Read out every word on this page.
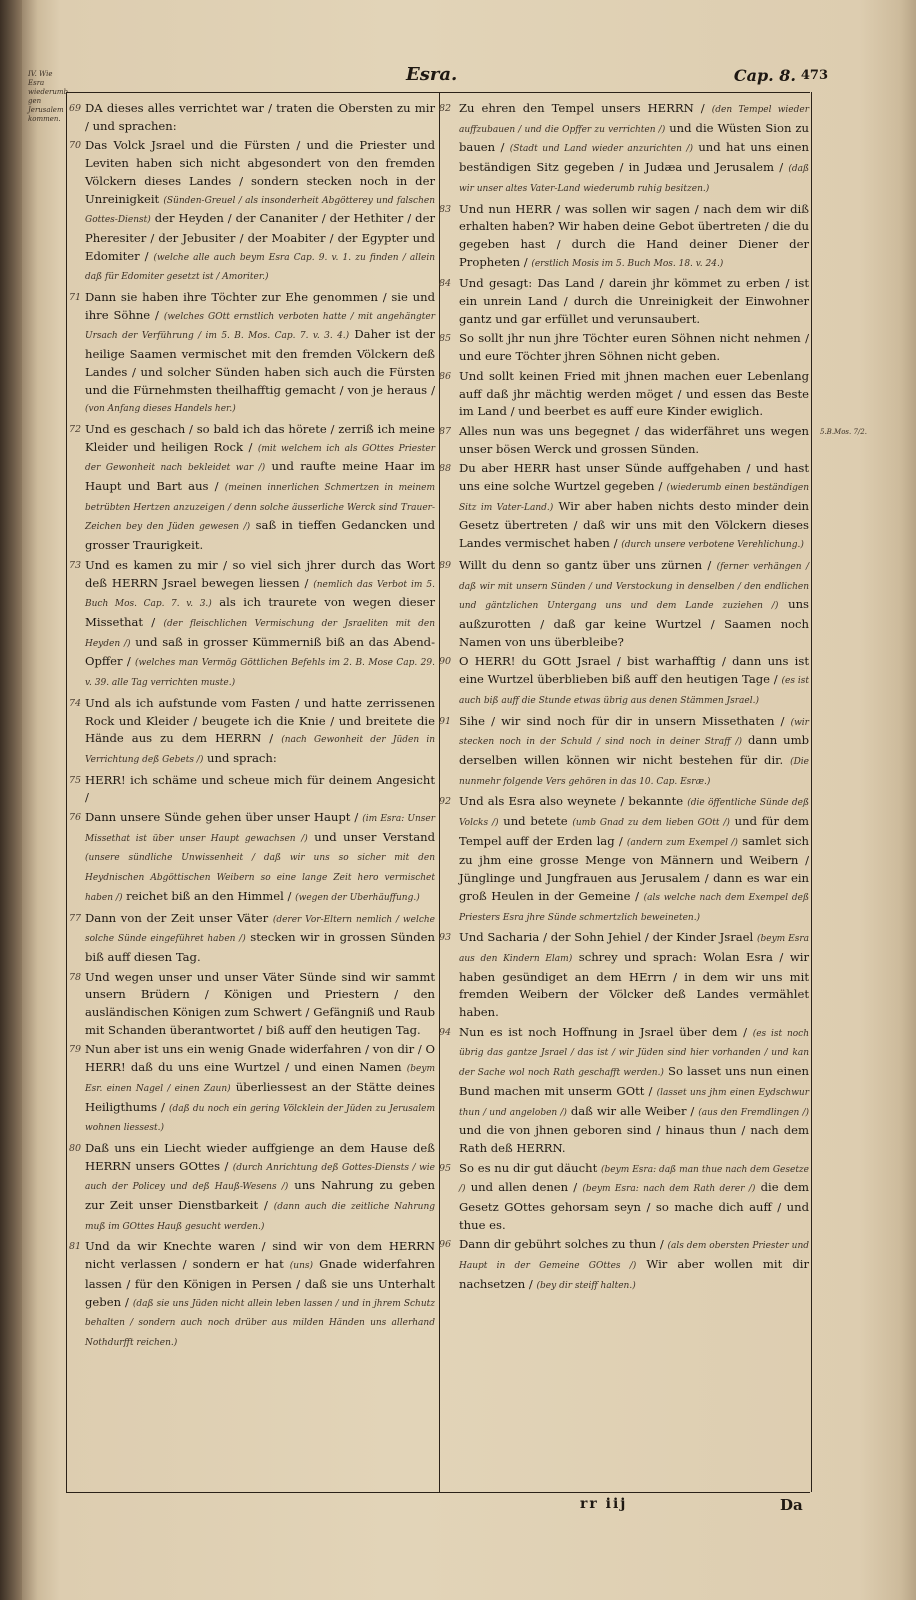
IV. Wie Esra wiederumb gen Jerusalem kommen.
5.B.Mos. 7/2.
Esra.	Cap. 8. 473
69 DA dieses alles verrichtet war / traten die Obersten zu mir / und sprachen:
70 Das Volck Jsrael und die Fürsten / und die Priester und Leviten haben sich nicht abgesondert von den fremden Völckern dieses Landes / sondern stecken noch in der Unreinigkeit (Sünden-Greuel / als insonderheit Abgötterey und falschen Gottes-Dienst) der Heyden / der Cananiter / der Hethiter / der Pheresiter / der Jebusiter / der Moabiter / der Egypter und Edomiter / (welche alle auch beym Esra Cap. 9. v. 1. zu finden / allein daß für Edomiter gesetzt ist / Amoriter.)
71 Dann sie haben ihre Töchter zur Ehe genommen / sie und ihre Söhne / (welches GOtt ernstlich verboten hatte / mit angehängter Ursach der Verführung / im 5. B. Mos. Cap. 7. v. 3. 4.) Daher ist der heilige Saamen vermischet mit den fremden Völckern deß Landes / und solcher Sünden haben sich auch die Fürsten und die Fürnehmsten theilhafftig gemacht / von je heraus / (von Anfang dieses Handels her.)
72 Und es geschach / so bald ich das hörete / zerriß ich meine Kleider und heiligen Rock / (mit welchem ich als GOttes Priester der Gewonheit nach bekleidet war /) und raufte meine Haar im Haupt und Bart aus / (meinen innerlichen Schmertzen in meinem betrübten Hertzen anzuzeigen / denn solche äusserliche Werck sind Trauer-Zeichen bey den Jüden gewesen /) saß in tieffen Gedancken und grosser Traurigkeit.
73 Und es kamen zu mir / so viel sich jhrer durch das Wort deß HERRN Jsrael bewegen liessen / (nemlich das Verbot im 5. Buch Mos. Cap. 7. v. 3.) als ich traurete von wegen dieser Missethat / (der fleischlichen Vermischung der Jsraeliten mit den Heyden /) und saß in grosser Kümmerniß biß an das Abend-Opffer / (welches man Vermög Göttlichen Befehls im 2. B. Mose Cap. 29. v. 39. alle Tag verrichten muste.)
74 Und als ich aufstunde vom Fasten / und hatte zerrissenen Rock und Kleider / beugete ich die Knie / und breitete die Hände aus zu dem HERRN / (nach Gewonheit der Jüden in Verrichtung deß Gebets /) und sprach:
75 HERR! ich schäme und scheue mich für deinem Angesicht /
76 Dann unsere Sünde gehen über unser Haupt / (im Esra: Unser Missethat ist über unser Haupt gewachsen /) und unser Verstand (unsere sündliche Unwissenheit / daß wir uns so sicher mit den Heydnischen Abgöttischen Weibern so eine lange Zeit hero vermischet haben /) reichet biß an den Himmel / (wegen der Uberhäuffung.)
77 Dann von der Zeit unser Väter (derer Vor-Eltern nemlich / welche solche Sünde eingeführet haben /) stecken wir in grossen Sünden biß auff diesen Tag.
78 Und wegen unser und unser Väter Sünde sind wir sammt unsern Brüdern / Königen und Priestern / den ausländischen Königen zum Schwert / Gefängniß und Raub mit Schanden überantwortet / biß auff den heutigen Tag.
79 Nun aber ist uns ein wenig Gnade widerfahren / von dir / O HERR! daß du uns eine Wurtzel / und einen Namen (beym Esr. einen Nagel / einen Zaun) überliessest an der Stätte deines Heiligthums / (daß du noch ein gering Völcklein der Jüden zu Jerusalem wohnen liessest.)
80 Daß uns ein Liecht wieder auffgienge an dem Hause deß HERRN unsers GOttes / (durch Anrichtung deß Gottes-Diensts / wie auch der Policey und deß Hauß-Wesens /) uns Nahrung zu geben zur Zeit unser Dienstbarkeit / (dann auch die zeitliche Nahrung muß im GOttes Hauß gesucht werden.)
81 Und da wir Knechte waren / sind wir von dem HERRN nicht verlassen / sondern er hat (uns) Gnade widerfahren lassen / für den Königen in Persen / daß sie uns Unterhalt geben / (daß sie uns Jüden nicht allein leben lassen / und in jhrem Schutz behalten / sondern auch noch drüber aus milden Händen uns allerhand Nothdurfft reichen.)
82 Zu ehren den Tempel unsers HERRN / (den Tempel wieder auffzubauen / und die Opffer zu verrichten /) und die Wüsten Sion zu bauen / (Stadt und Land wieder anzurichten /) und hat uns einen beständigen Sitz gegeben / in Judæa und Jerusalem / (daß wir unser altes Vater-Land wiederumb ruhig besitzen.)
83 Und nun HERR / was sollen wir sagen / nach dem wir diß erhalten haben? Wir haben deine Gebot übertreten / die du gegeben hast / durch die Hand deiner Diener der Propheten / (erstlich Mosis im 5. Buch Mos. 18. v. 24.)
84 Und gesagt: Das Land / darein jhr kömmet zu erben / ist ein unrein Land / durch die Unreinigkeit der Einwohner gantz und gar erfüllet und verunsaubert.
85 So sollt jhr nun jhre Töchter euren Söhnen nicht nehmen / und eure Töchter jhren Söhnen nicht geben.
86 Und sollt keinen Fried mit jhnen machen euer Lebenlang auff daß jhr mächtig werden möget / und essen das Beste im Land / und beerbet es auff eure Kinder ewiglich.
87 Alles nun was uns begegnet / das widerfähret uns wegen unser bösen Werck und grossen Sünden.
88 Du aber HERR hast unser Sünde auffgehaben / und hast uns eine solche Wurtzel gegeben / (wiederumb einen beständigen Sitz im Vater-Land.) Wir aber haben nichts desto minder dein Gesetz übertreten / daß wir uns mit den Völckern dieses Landes vermischet haben / (durch unsere verbotene Verehlichung.)
89 Willt du denn so gantz über uns zürnen / (ferner verhängen / daß wir mit unsern Sünden / und Verstockung in denselben / den endlichen und gäntzlichen Untergang uns und dem Lande zuziehen /) uns außzurotten / daß gar keine Wurtzel / Saamen noch Namen von uns überbleibe?
90 O HERR! du GOtt Jsrael / bist warhafftig / dann uns ist eine Wurtzel überblieben biß auff den heutigen Tage / (es ist auch biß auff die Stunde etwas übrig aus denen Stämmen Jsrael.)
91 Sihe / wir sind noch für dir in unsern Missethaten / (wir stecken noch in der Schuld / sind noch in deiner Straff /) dann umb derselben willen können wir nicht bestehen für dir. (Die nunmehr folgende Vers gehören in das 10. Cap. Esræ.)
92 Und als Esra also weynete / bekannte (die öffentliche Sünde deß Volcks /) und betete (umb Gnad zu dem lieben GOtt /) und für dem Tempel auff der Erden lag / (andern zum Exempel /) samlet sich zu jhm eine grosse Menge von Männern und Weibern / Jünglinge und Jungfrauen aus Jerusalem / dann es war ein groß Heulen in der Gemeine / (als welche nach dem Exempel deß Priesters Esra jhre Sünde schmertzlich beweineten.)
93 Und Sacharia / der Sohn Jehiel / der Kinder Jsrael (beym Esra aus den Kindern Elam) schrey und sprach: Wolan Esra / wir haben gesündiget an dem HErrn / in dem wir uns mit fremden Weibern der Völcker deß Landes vermählet haben.
94 Nun es ist noch Hoffnung in Jsrael über dem / (es ist noch übrig das gantze Jsrael / das ist / wir Jüden sind hier vorhanden / und kan der Sache wol noch Rath geschafft werden.) So lasset uns nun einen Bund machen mit unserm GOtt / (lasset uns jhm einen Eydschwur thun / und angeloben /) daß wir alle Weiber / (aus den Fremdlingen /) und die von jhnen geboren sind / hinaus thun / nach dem Rath deß HERRN.
95 So es nu dir gut däucht (beym Esra: daß man thue nach dem Gesetze /) und allen denen / (beym Esra: nach dem Rath derer /) die dem Gesetz GOttes gehorsam seyn / so mache dich auff / und thue es.
96 Dann dir gebührt solches zu thun / (als dem obersten Priester und Haupt in der Gemeine GOttes /) Wir aber wollen mit dir nachsetzen / (bey dir steiff halten.)
rr iij	Da
